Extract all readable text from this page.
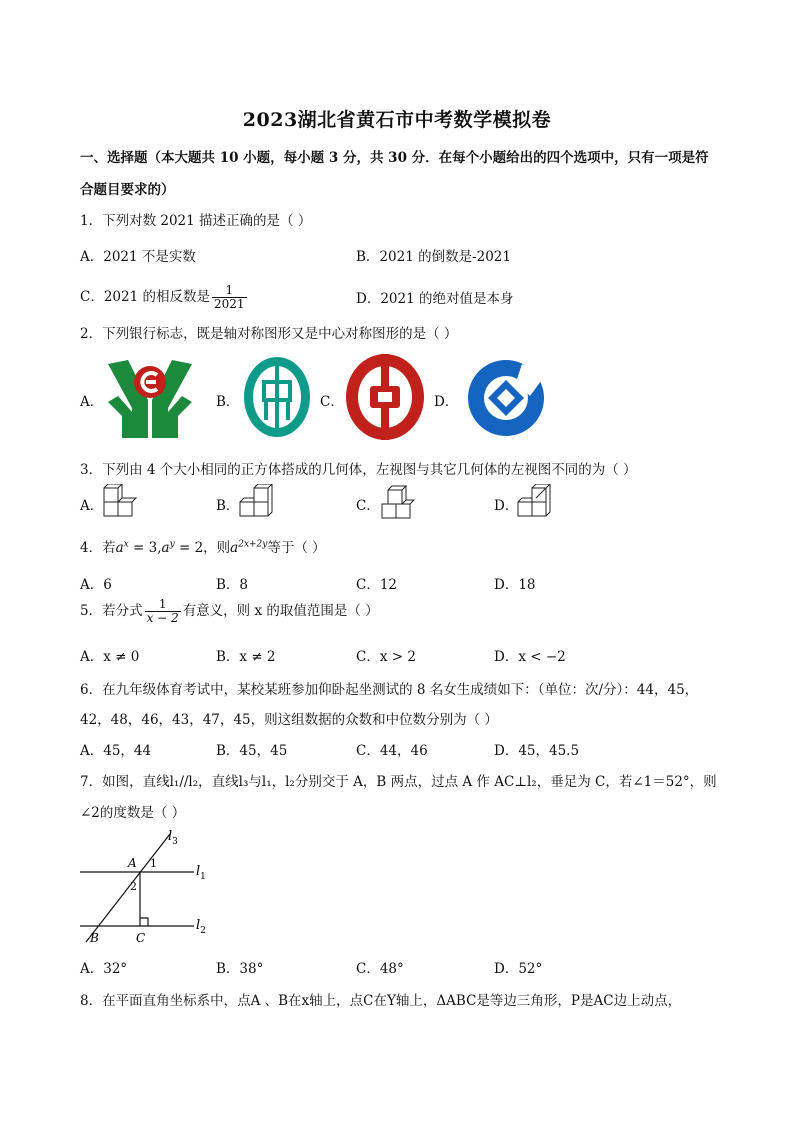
2023湖北省黄石市中考数学模拟卷
一、选择题（本大题共 10 小题，每小题 3 分，共 30 分．在每个小题给出的四个选项中，只有一项是符
合题目要求的）
1．下列对数 2021 描述正确的是（ ）
A．2021 不是实数	B．2021 的倒数是-2021
C．2021 的相反数是 $\frac{1}{2021}$	D．2021 的绝对值是本身
2．下列银行标志，既是轴对称图形又是中心对称图形的是（ ）
A．	B．	C．	D．
3．下列由 4 个大小相同的正方体搭成的几何体，左视图与其它几何体的左视图不同的为（ ）
A．	B．	C．	D．
4．若$a^x = 3,a^y = 2$，则$a^{2x+2y}$等于（ ）
A．6	B．8	C．12	D．18
5．若分式 $\frac{1}{x - 2}$ 有意义，则 x 的取值范围是（ ）
A．x ≠ 0	B．x ≠ 2	C．x > 2	D．x < −2
6．在九年级体育考试中，某校某班参加仰卧起坐测试的 8 名女生成绩如下：（单位：次/分）：44，45，
42，48，46，43，47，45，则这组数据的众数和中位数分别为（ ）
A．45，44	B．45，45	C．44，46	D．45，45.5
7．如图，直线l₁//l₂，直线l₃与l₁，l₂分别交于 A，B 两点，过点 A 作 AC⊥l₂，垂足为 C，若∠1＝52°，则
∠2的度数是（ ）
$l_3$
$l_1$
$l_2$
A 1
2
B	C
A．32°	B．38°	C．48°	D．52°
8．在平面直角坐标系中，点A 、B在x轴上，点C在Y轴上，ΔABC是等边三角形，P是AC边上动点，
